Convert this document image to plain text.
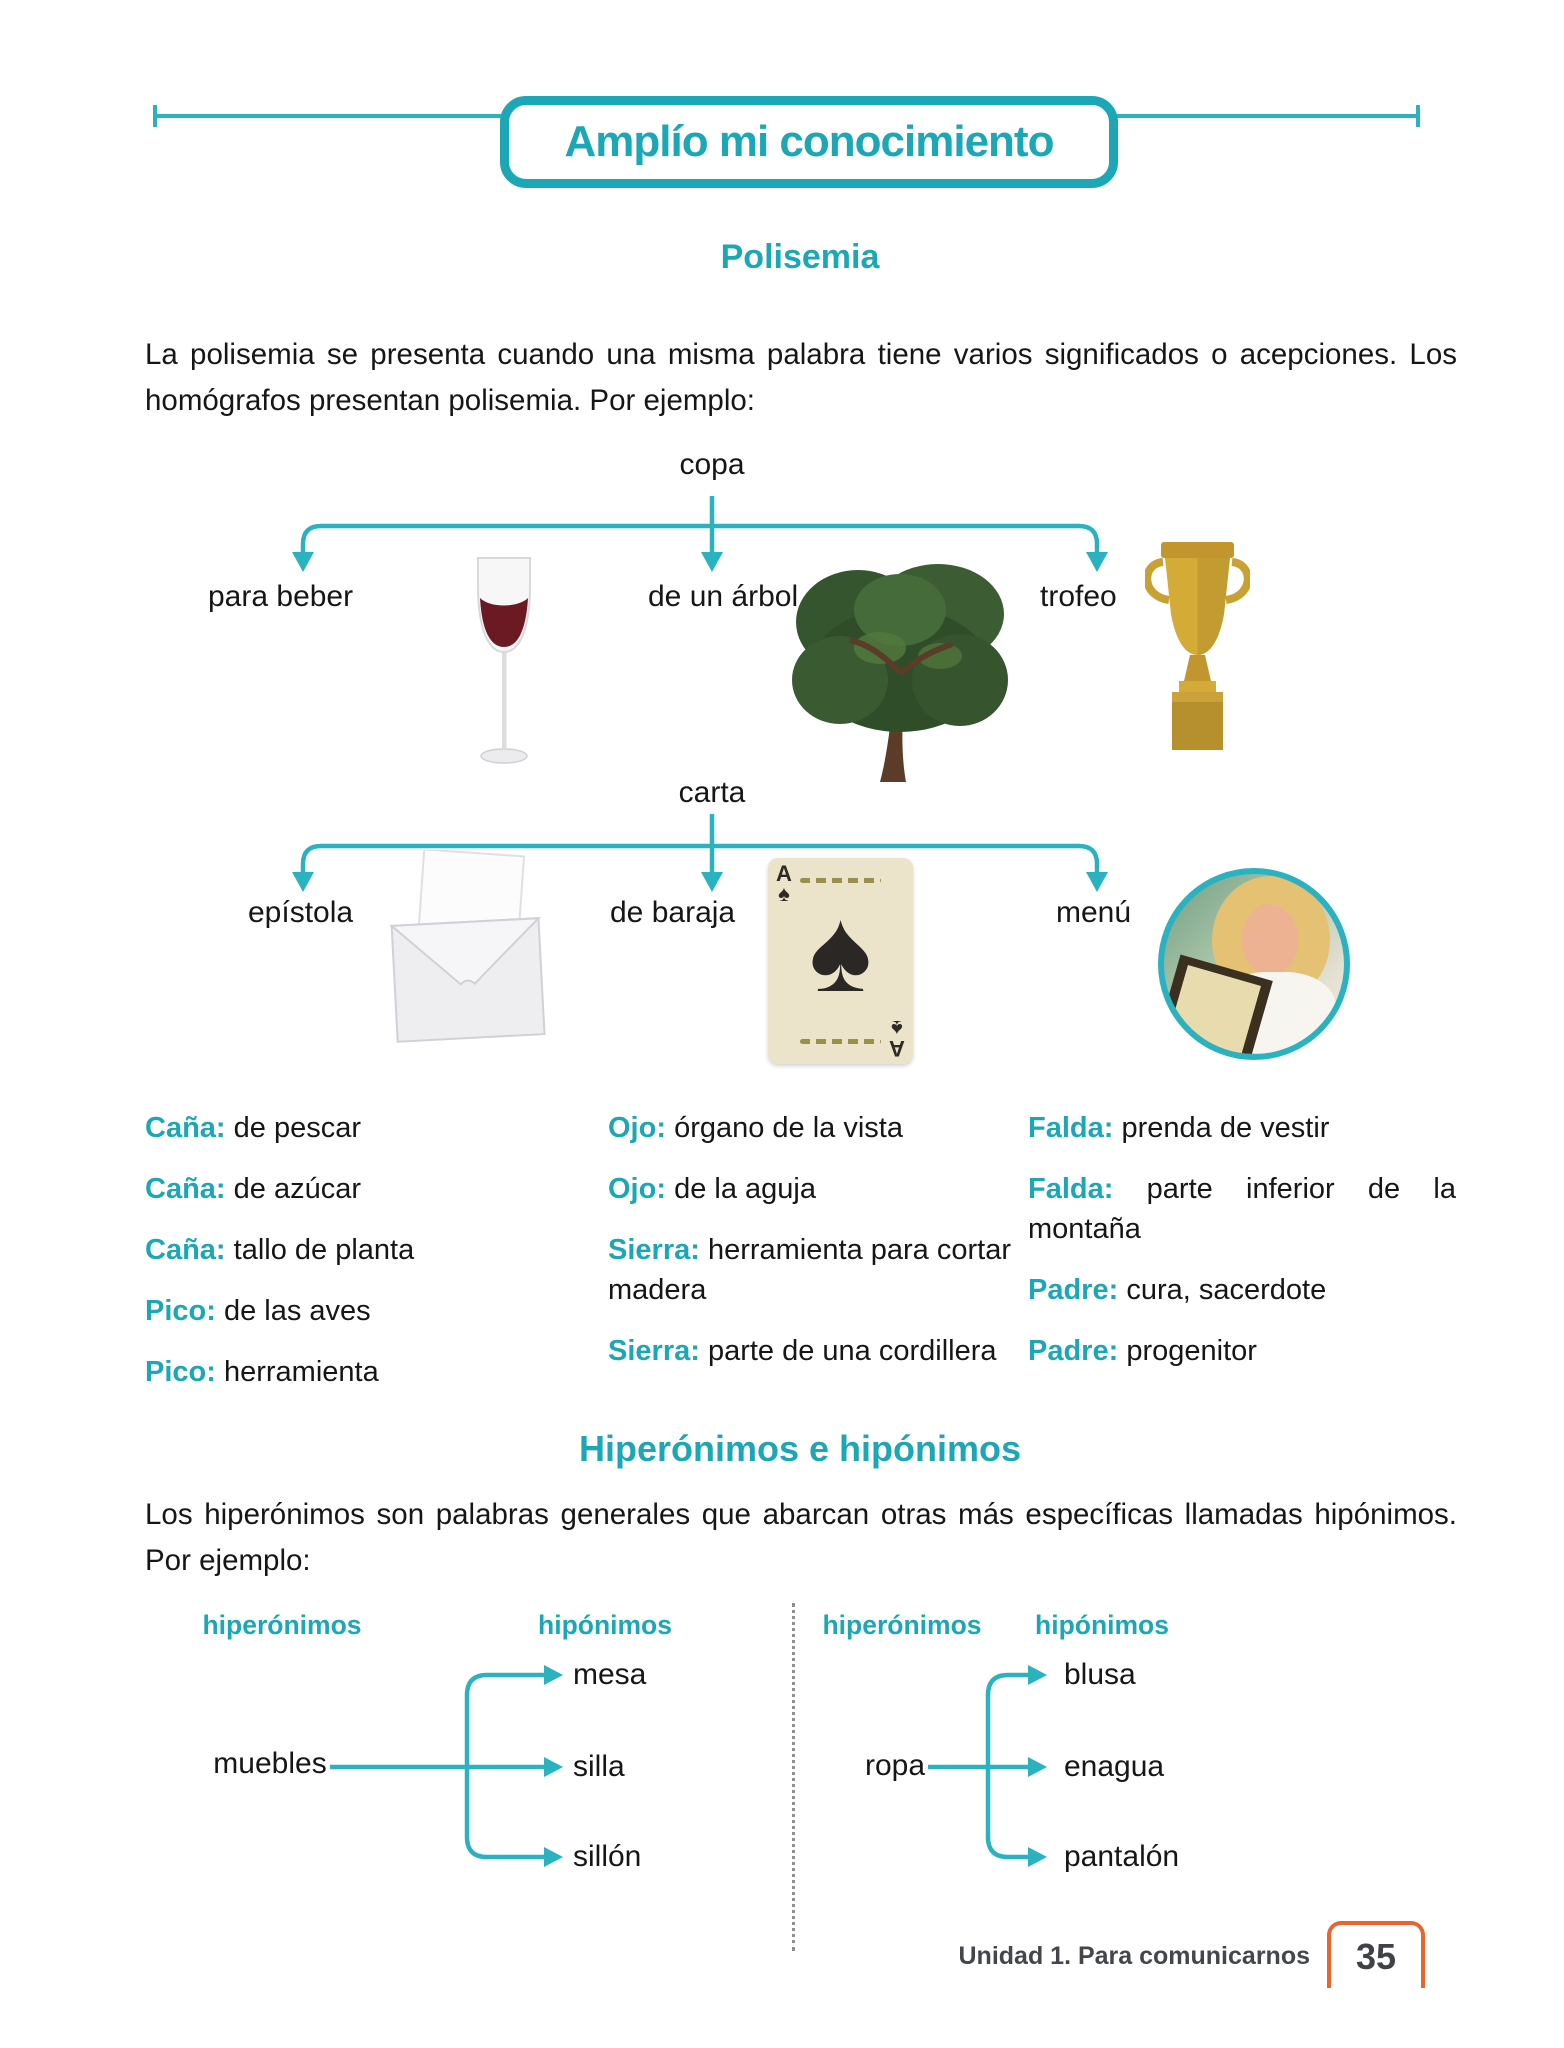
Amplío mi conocimiento
Polisemia
La polisemia se presenta cuando una misma palabra tiene varios significados o acepciones. Los homógrafos presentan polisemia. Por ejemplo:
copa
para beber	de un árbol	trofeo
carta
epístola	de baraja
A
♠ ♠
A
♠
menú
Caña: de pescar
Caña: de azúcar
Caña: tallo de planta
Pico: de las aves
Pico: herramienta
Ojo: órgano de la vista
Ojo: de la aguja
Sierra: herramienta para cortar madera
Sierra: parte de una cordillera
Falda: prenda de vestir
Falda: parte inferior de la montaña
Padre: cura, sacerdote
Padre: progenitor
Hiperónimos e hipónimos
Los hiperónimos son palabras generales que abarcan otras más específicas llamadas hipónimos. Por ejemplo:
hiperónimos	hipónimos
muebles
mesa
silla
sillón
hiperónimos	hipónimos
ropa
blusa
enagua
pantalón
Unidad 1. Para comunicarnos 35
